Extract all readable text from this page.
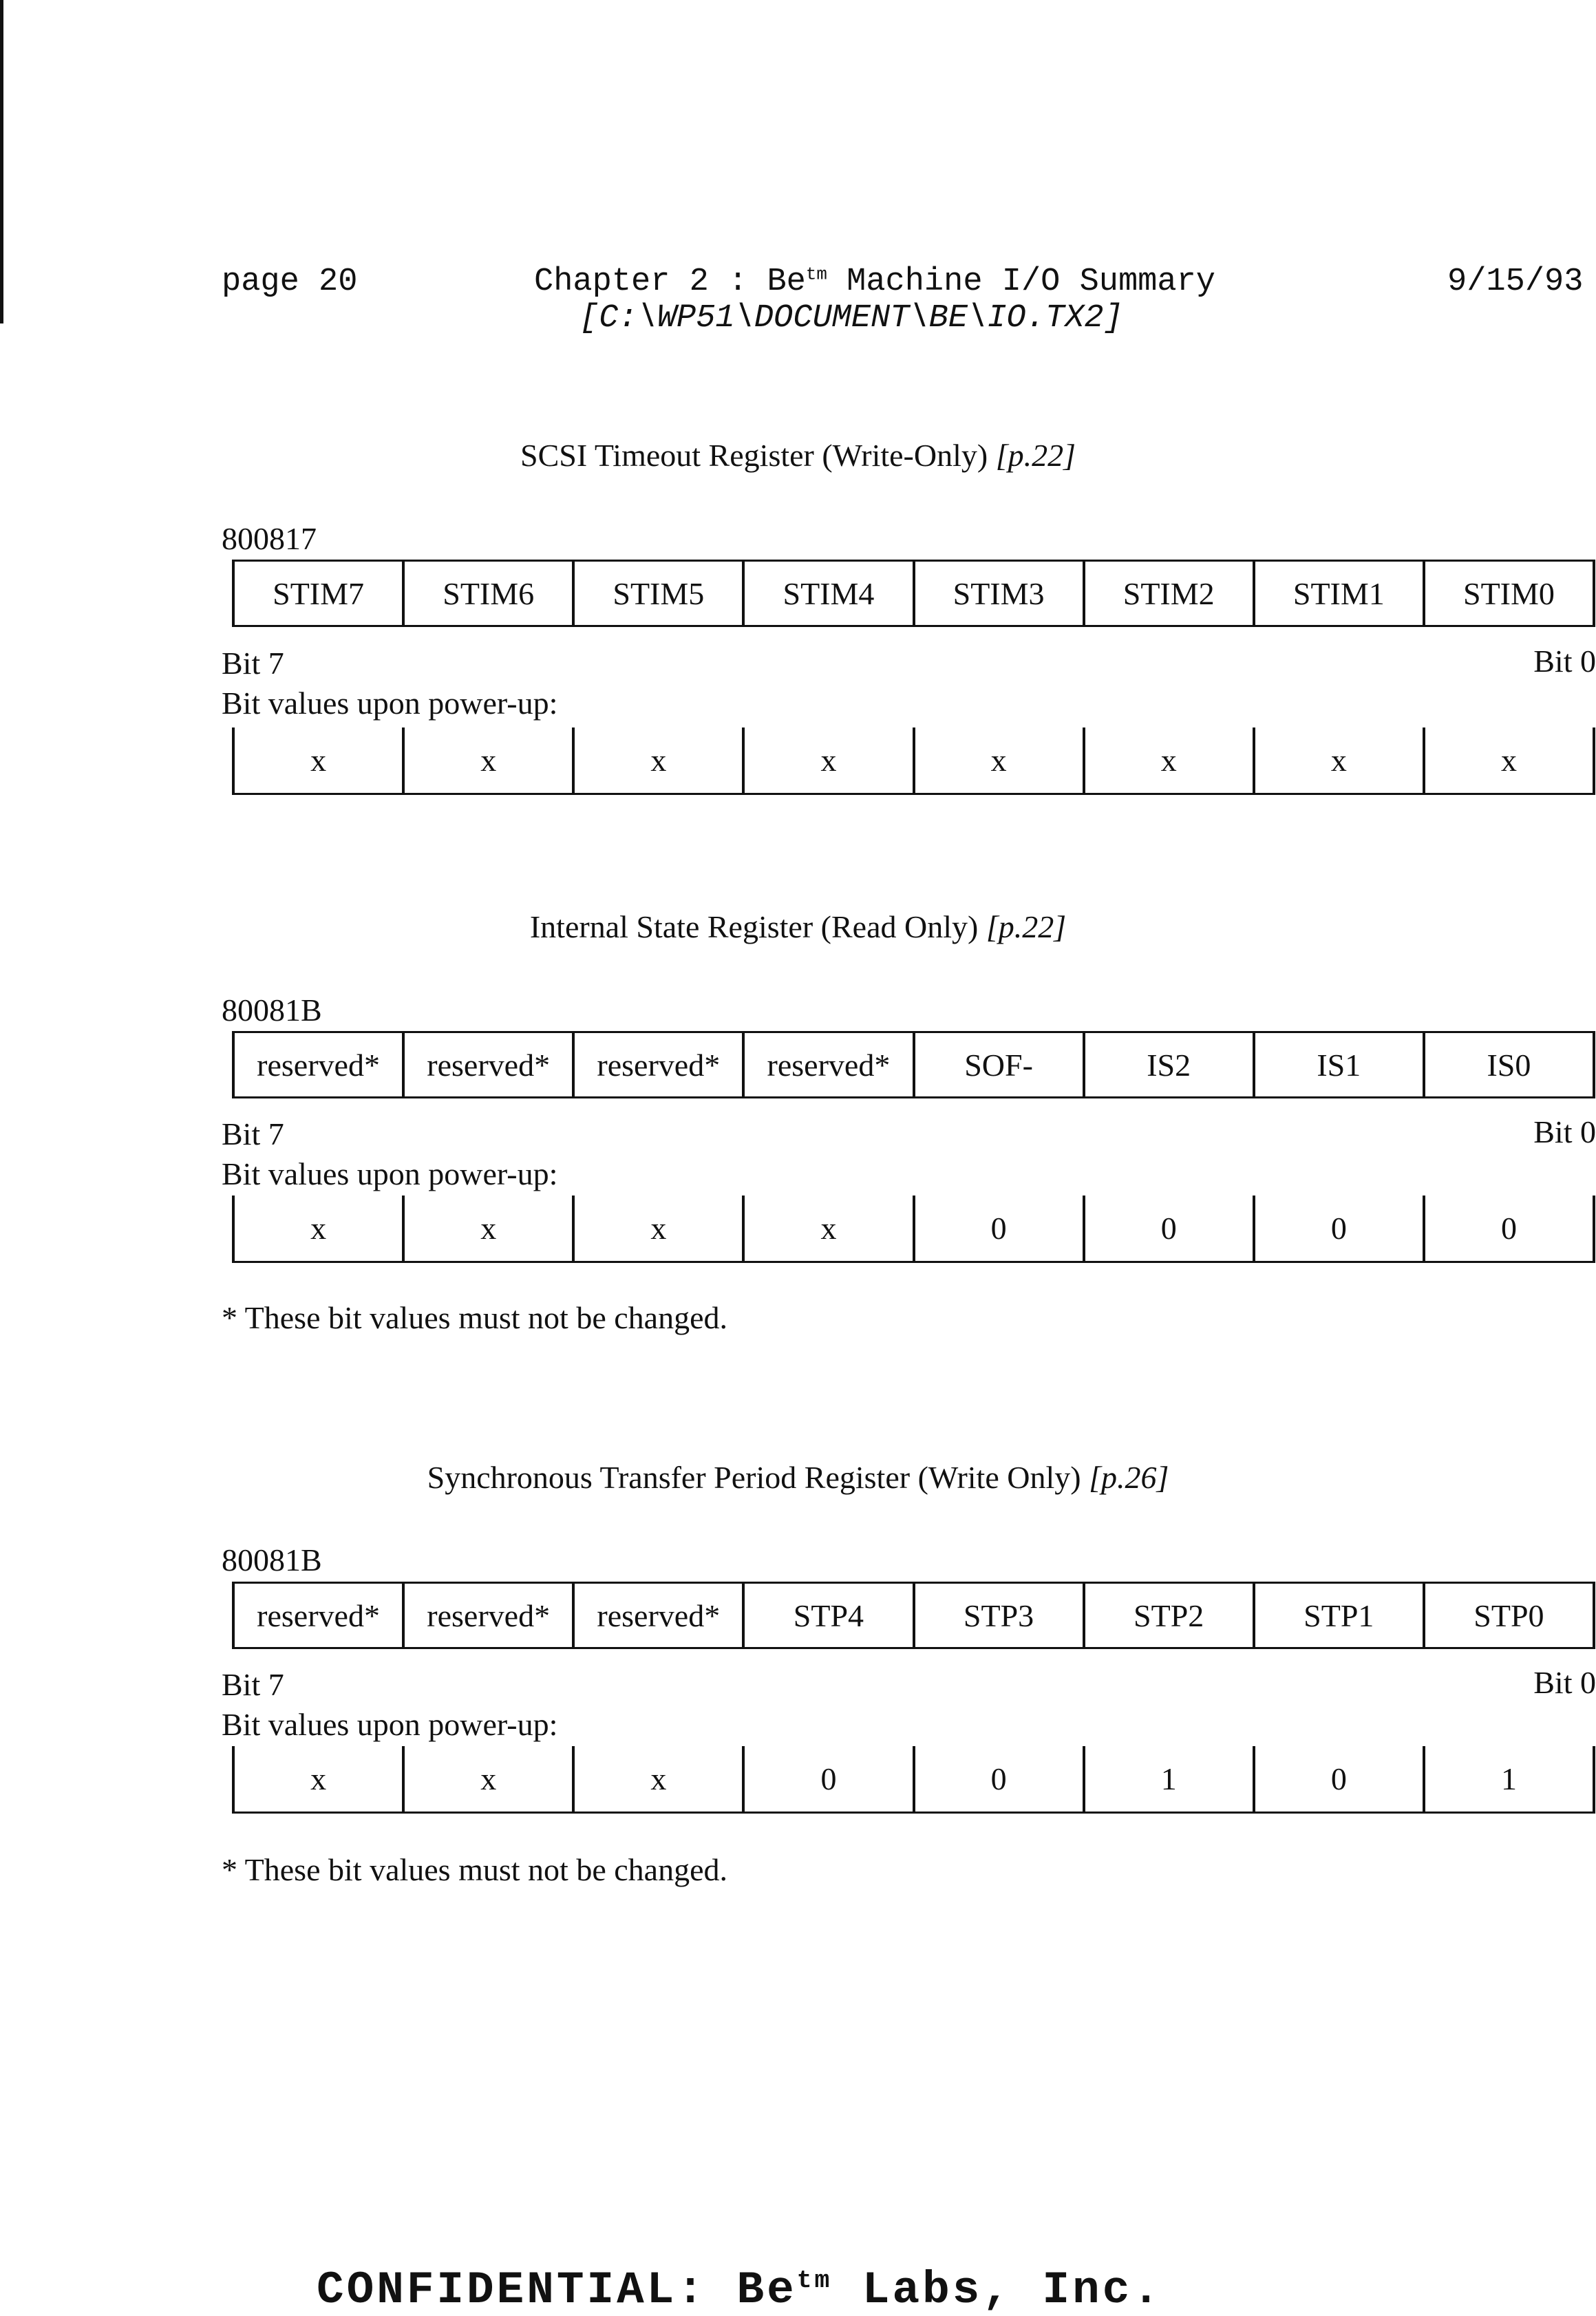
page 20	Chapter 2 : $Be^{tm}$ Machine I/O Summary	9/15/93
[C:\WP51\DOCUMENT\BE\IO.TX2]
SCSI Timeout Register (Write-Only) [p.22]
800817
STIM7	STIM6	STIM5	STIM4	STIM3	STIM2	STIM1	STIM0
Bit 7	Bit 0
Bit values upon power-up:
x	x	x	x	x	x	x	x
Internal State Register (Read Only) [p.22]
80081B
reserved*	reserved*	reserved*	reserved*	SOF-	IS2	IS1	IS0
Bit 7	Bit 0
Bit values upon power-up:
x	x	x	x	0	0	0	0
* These bit values must not be changed.
Synchronous Transfer Period Register (Write Only) [p.26]
80081B
reserved*	reserved*	reserved*	STP4	STP3	STP2	STP1	STP0
Bit 7	Bit 0
Bit values upon power-up:
x	x	x	0	0	1	0	1
* These bit values must not be changed.
CONFIDENTIAL: $Be^{tm}$ Labs, Inc.
